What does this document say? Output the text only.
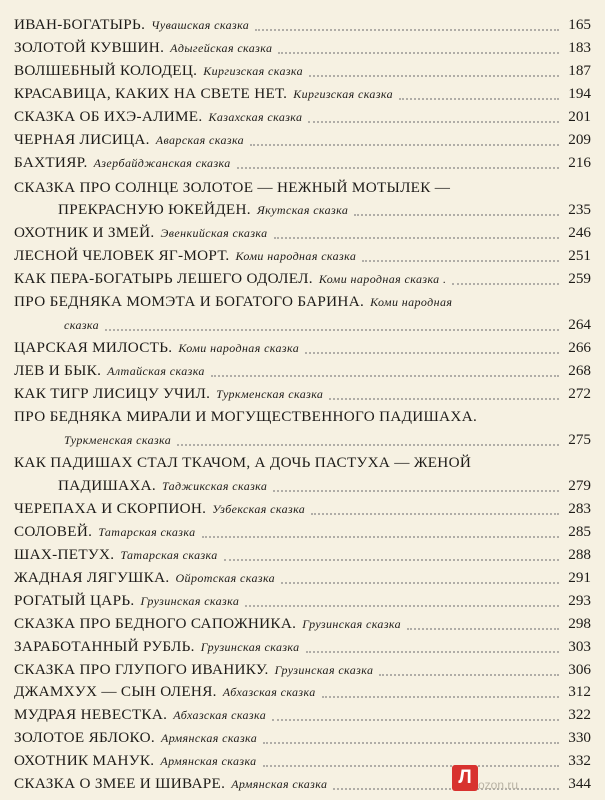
ИВАН-БОГАТЫРЬ. Чувашская сказка	165
ЗОЛОТОЙ КУВШИН. Адыгейская сказка	183
ВОЛШЕБНЫЙ КОЛОДЕЦ. Киргизская сказка	187
КРАСАВИЦА, КАКИХ НА СВЕТЕ НЕТ. Киргизская сказка	194
СКАЗКА ОБ ИХЭ-АЛИМЕ. Казахская сказка	201
ЧЕРНАЯ ЛИСИЦА. Аварская сказка	209
БАХТИЯР. Азербайджанская сказка	216
СКАЗКА ПРО СОЛНЦЕ ЗОЛОТОЕ — НЕЖНЫЙ МОТЫЛЕК —
ПРЕКРАСНУЮ ЮКЕЙДЕН. Якутская сказка	235
ОХОТНИК И ЗМЕЙ. Эвенкийская сказка	246
ЛЕСНОЙ ЧЕЛОВЕК ЯГ-МОРТ. Коми народная сказка	251
КАК ПЕРА-БОГАТЫРЬ ЛЕШЕГО ОДОЛЕЛ. Коми народная сказка .	259
ПРО БЕДНЯКА МОМЭТА И БОГАТОГО БАРИНА. Коми народная
сказка	264
ЦАРСКАЯ МИЛОСТЬ. Коми народная сказка	266
ЛЕВ И БЫК. Алтайская сказка	268
КАК ТИГР ЛИСИЦУ УЧИЛ. Туркменская сказка	272
ПРО БЕДНЯКА МИРАЛИ И МОГУЩЕСТВЕННОГО ПАДИШАХА.
Туркменская сказка	275
КАК ПАДИШАХ СТАЛ ТКАЧОМ, А ДОЧЬ ПАСТУХА — ЖЕНОЙ
ПАДИШАХА. Таджикская сказка	279
ЧЕРЕПАХА И СКОРПИОН. Узбекская сказка	283
СОЛОВЕЙ. Татарская сказка	285
ШАХ-ПЕТУХ. Татарская сказка	288
ЖАДНАЯ ЛЯГУШКА. Ойротская сказка	291
РОГАТЫЙ ЦАРЬ. Грузинская сказка	293
СКАЗКА ПРО БЕДНОГО САПОЖНИКА. Грузинская сказка	298
ЗАРАБОТАННЫЙ РУБЛЬ. Грузинская сказка	303
СКАЗКА ПРО ГЛУПОГО ИВАНИКУ. Грузинская сказка	306
ДЖАМХУХ — СЫН ОЛЕНЯ. Абхазская сказка	312
МУДРАЯ НЕВЕСТКА. Абхазская сказка	322
ЗОЛОТОЕ ЯБЛОКО. Армянская сказка	330
ОХОТНИК МАНУК. Армянская сказка	332
СКАЗКА О ЗМЕЕ И ШИВАРЕ. Армянская сказка	344
Л ozon.ru
